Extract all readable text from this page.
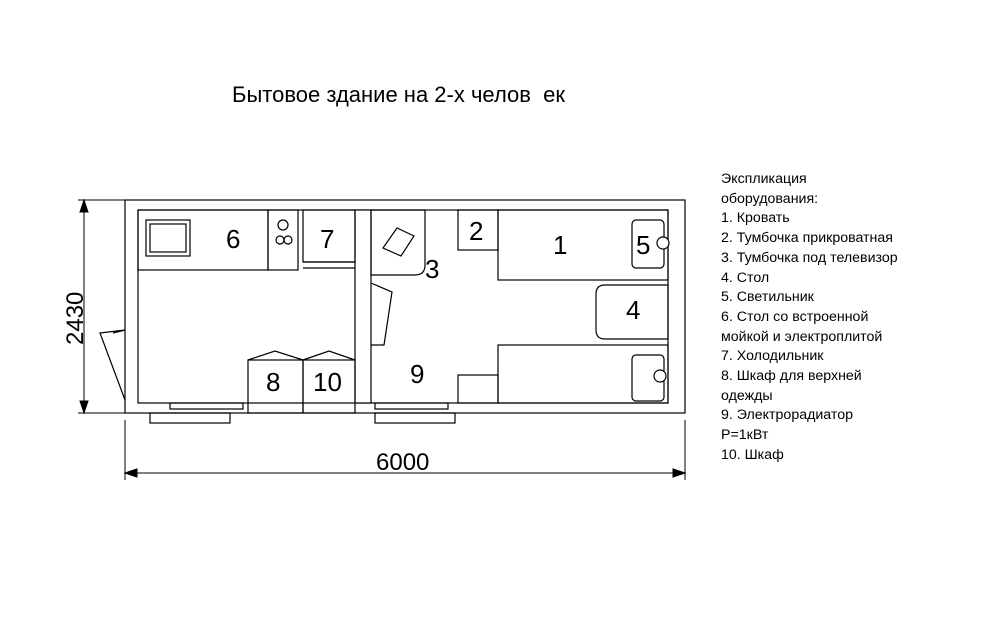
Бытовое здание на 2-х челов  ек
2430
6000
6	7
3
2	1	5
4
8 10	9
Экспликация
оборудования:
1. Кровать
2. Тумбочка прикроватная
3. Тумбочка под телевизор
4. Стол
5. Светильник
6. Стол со встроенной
мойкой и электроплитой
7. Холодильник
8. Шкаф для верхней
одежды
9. Электрорадиатор
Р=1кВт
10. Шкаф
